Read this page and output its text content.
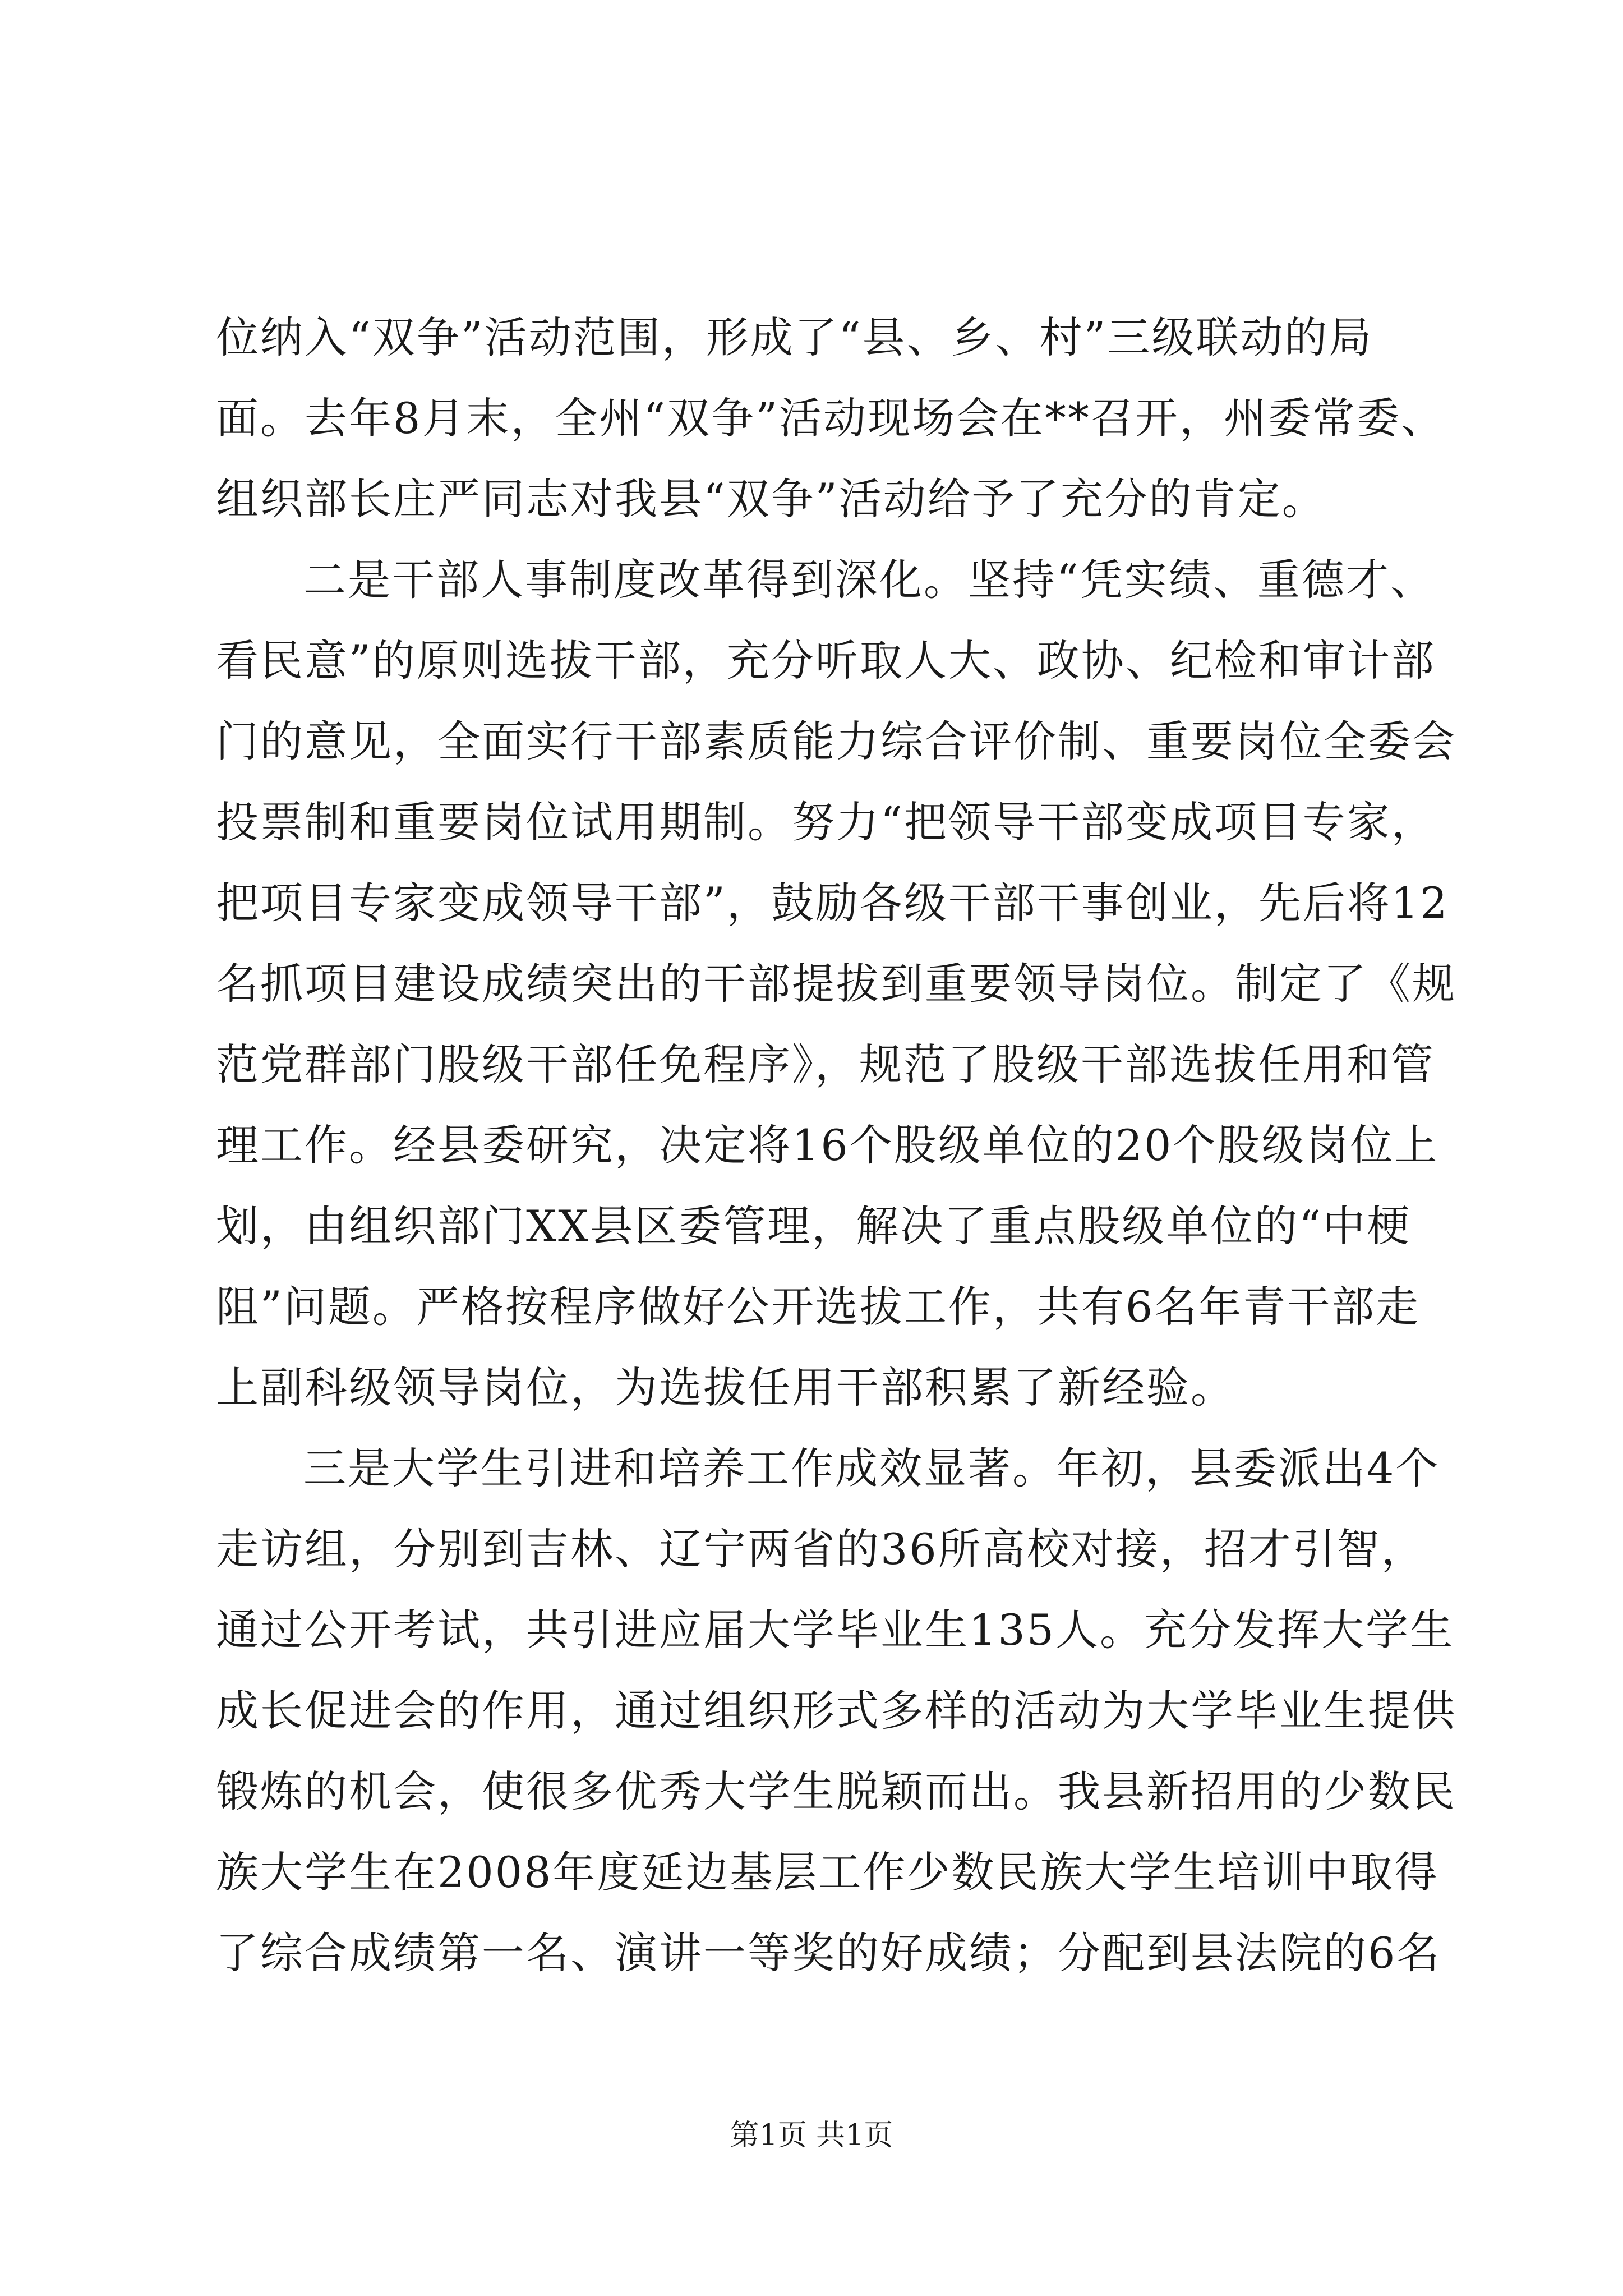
位纳入“双争”活动范围，形成了“县、乡、村”三级联动的局
面。去年8月末，全州“双争”活动现场会在**召开，州委常委、
组织部长庄严同志对我县“双争”活动给予了充分的肯定。
二是干部人事制度改革得到深化。坚持“凭实绩、重德才、
看民意”的原则选拔干部，充分听取人大、政协、纪检和审计部
门的意见，全面实行干部素质能力综合评价制、重要岗位全委会
投票制和重要岗位试用期制。努力“把领导干部变成项目专家，
把项目专家变成领导干部”，鼓励各级干部干事创业，先后将12
名抓项目建设成绩突出的干部提拔到重要领导岗位。制定了《规
范党群部门股级干部任免程序》，规范了股级干部选拔任用和管
理工作。经县委研究，决定将16个股级单位的20个股级岗位上
划，由组织部门XX县区委管理，解决了重点股级单位的“中梗
阻”问题。严格按程序做好公开选拔工作，共有6名年青干部走
上副科级领导岗位，为选拔任用干部积累了新经验。
三是大学生引进和培养工作成效显著。年初，县委派出4个
走访组，分别到吉林、辽宁两省的36所高校对接，招才引智，
通过公开考试，共引进应届大学毕业生135人。充分发挥大学生
成长促进会的作用，通过组织形式多样的活动为大学毕业生提供
锻炼的机会，使很多优秀大学生脱颖而出。我县新招用的少数民
族大学生在2008年度延边基层工作少数民族大学生培训中取得
了综合成绩第一名、演讲一等奖的好成绩；分配到县法院的6名
第1页 共1页
